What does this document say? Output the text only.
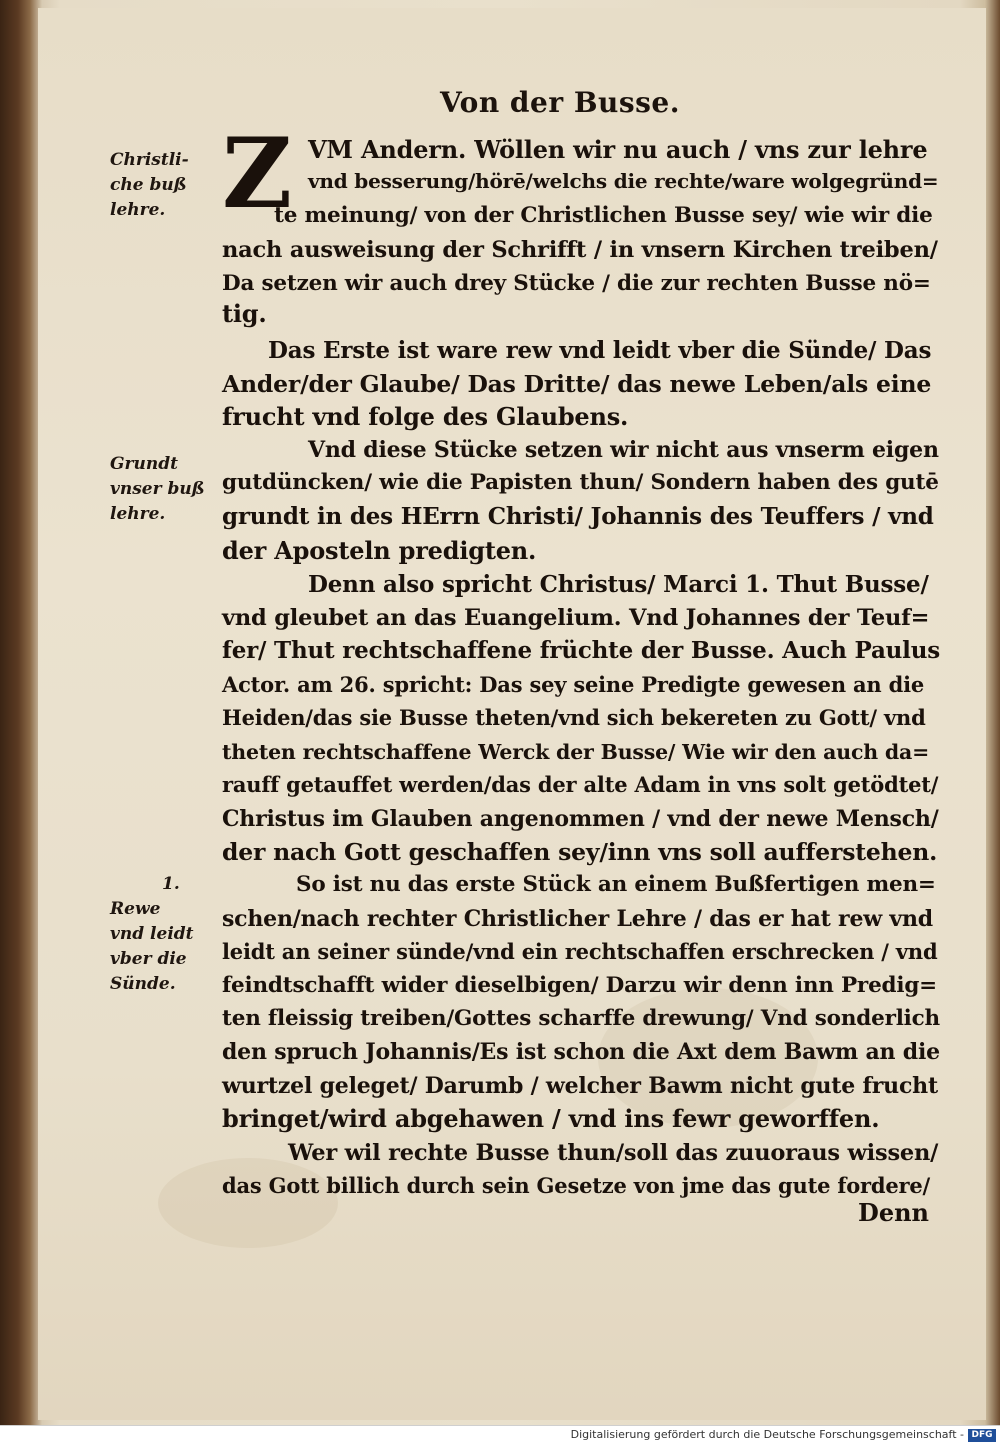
Von der Busse.
Christli-
che buß
lehre.
Grundt
vnser buß
lehre.
1.
Rewe
vnd leidt
vber die
Sünde.
Z VM Andern. Wöllen wir nu auch / vns zur lehre
vnd besserung/hörē/welchs die rechte/ware wolgegründ=
te meinung/ von der Christlichen Busse sey/ wie wir die
nach ausweisung der Schrifft / in vnsern Kirchen treiben/
Da setzen wir auch drey Stücke / die zur rechten Busse nö=
tig.
Das Erste ist ware rew vnd leidt vber die Sünde/ Das
Ander/der Glaube/ Das Dritte/ das newe Leben/als eine
frucht vnd folge des Glaubens.
Vnd diese Stücke setzen wir nicht aus vnserm eigen
gutdüncken/ wie die Papisten thun/ Sondern haben des gutē
grundt in des HErrn Christi/ Johannis des Teuffers / vnd
der Aposteln predigten.
Denn also spricht Christus/ Marci 1. Thut Busse/
vnd gleubet an das Euangelium. Vnd Johannes der Teuf=
fer/ Thut rechtschaffene früchte der Busse. Auch Paulus
Actor. am 26. spricht: Das sey seine Predigte gewesen an die
Heiden/das sie Busse theten/vnd sich bekereten zu Gott/ vnd
theten rechtschaffene Werck der Busse/ Wie wir den auch da=
rauff getauffet werden/das der alte Adam in vns solt getödtet/
Christus im Glauben angenommen / vnd der newe Mensch/
der nach Gott geschaffen sey/inn vns soll aufferstehen.
So ist nu das erste Stück an einem Bußfertigen men=
schen/nach rechter Christlicher Lehre / das er hat rew vnd
leidt an seiner sünde/vnd ein rechtschaffen erschrecken / vnd
feindtschafft wider dieselbigen/ Darzu wir denn inn Predig=
ten fleissig treiben/Gottes scharffe drewung/ Vnd sonderlich
den spruch Johannis/Es ist schon die Axt dem Bawm an die
wurtzel geleget/ Darumb / welcher Bawm nicht gute frucht
bringet/wird abgehawen / vnd ins fewr geworffen.
Wer wil rechte Busse thun/soll das zuuoraus wissen/
das Gott billich durch sein Gesetze von jme das gute fordere/
Denn
Digitalisierung gefördert durch die Deutsche Forschungsgemeinschaft - DFG
